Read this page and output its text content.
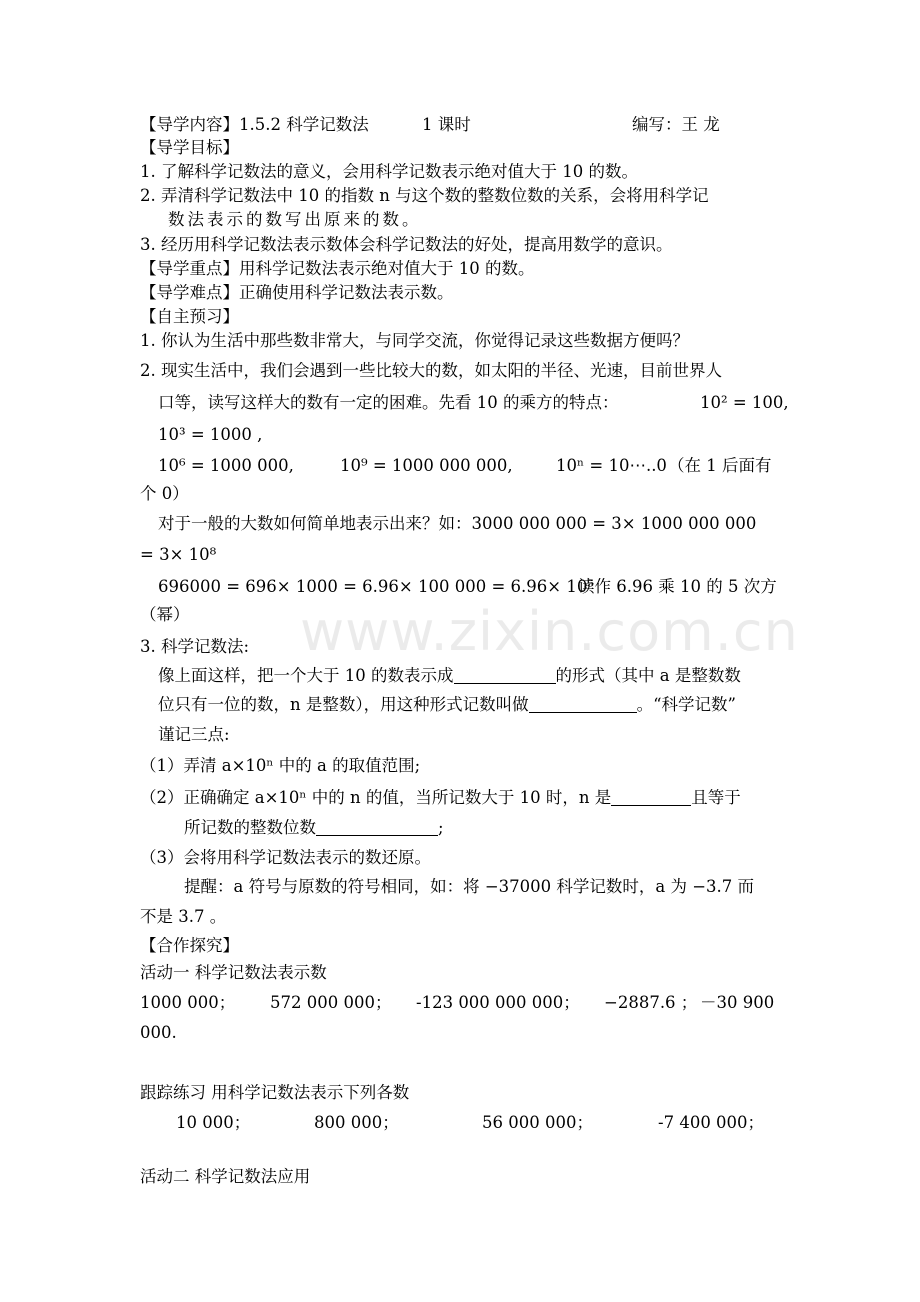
www.zixin.com.cn
【导学内容】1.5.2 科学记数法	1 课时	编写：王 龙
【导学目标】
1. 了解科学记数法的意义，会用科学记数表示绝对值大于 10 的数。
2. 弄清科学记数法中 10 的指数 n 与这个数的整数位数的关系，会将用科学记
数法表示的数写出原来的数。
3. 经历用科学记数法表示数体会科学记数法的好处，提高用数学的意识。
【导学重点】用科学记数法表示绝对值大于 10 的数。
【导学难点】正确使用科学记数法表示数。
【自主预习】
1. 你认为生活中那些数非常大，与同学交流，你觉得记录这些数据方便吗？
2. 现实生活中，我们会遇到一些比较大的数，如太阳的半径、光速，目前世界人
口等，读写这样大的数有一定的困难。先看 10 的乘方的特点：	10² = 100,
10³ = 1000 ,
10⁶ = 1000 000,	10⁹ = 1000 000 000,	10ⁿ = 10⋯..0 （在 1 后面有
个 0）
对于一般的大数如何简单地表示出来？如：3000 000 000 = 3× 1000 000 000
= 3× 10⁸
696000 = 696× 1000 = 6.96× 100 000 = 6.96× 10⁵
读作 6.96 乘 10 的 5 次方
（幂）
3. 科学记数法:
像上面这样，把一个大于 10 的数表示成	的形式（其中 a 是整数数
位只有一位的数，n 是整数），用这种形式记数叫做	。“科学记数”
谨记三点:
（1）弄清 a×10ⁿ 中的 a 的取值范围;
（2）正确确定 a×10ⁿ 中的 n 的值，当所记数大于 10 时，n 是	且等于
所记数的整数位数	;
（3）会将用科学记数法表示的数还原。
提醒：a 符号与原数的符号相同，如：将 −37000 科学记数时，a 为 −3.7 而
不是 3.7 。
【合作探究】
活动一 科学记数法表示数
1000 000； 572 000 000； -123 000 000 000； −2887.6 ； －30 900
000.
跟踪练习 用科学记数法表示下列各数
10 000；	800 000；	56 000 000；	-7 400 000；
活动二 科学记数法应用
